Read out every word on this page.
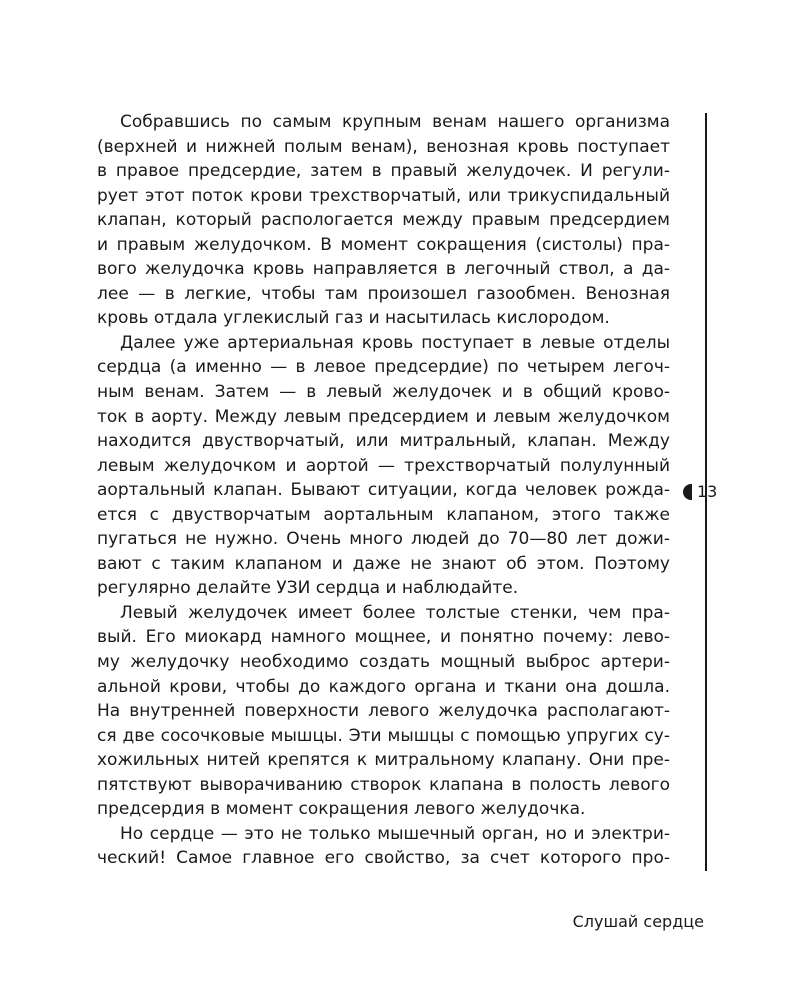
Собравшись по самым крупным венам нашего организма
(верхней и нижней полым венам), венозная кровь поступает
в правое предсердие, затем в правый желудочек. И регули-
рует этот поток крови трехстворчатый, или трикуспидальный
клапан, который распологается между правым предсердием
и правым желудочком. В момент сокращения (систолы) пра-
вого желудочка кровь направляется в легочный ствол, а да-
лее — в легкие, чтобы там произошел газообмен. Венозная
кровь отдала углекислый газ и насытилась кислородом.
Далее уже артериальная кровь поступает в левые отделы
сердца (а именно — в левое предсердие) по четырем легоч-
ным венам. Затем — в левый желудочек и в общий крово-
ток в аорту. Между левым предсердием и левым желудочком
находится двустворчатый, или митральный, клапан. Между
левым желудочком и аортой — трехстворчатый полулунный
аортальный клапан. Бывают ситуации, когда человек рожда-
ется с двустворчатым аортальным клапаном, этого также
пугаться не нужно. Очень много людей до 70—80 лет дожи-
вают с таким клапаном и даже не знают об этом. Поэтому
регулярно делайте УЗИ сердца и наблюдайте.
Левый желудочек имеет более толстые стенки, чем пра-
вый. Его миокард намного мощнее, и понятно почему: лево-
му желудочку необходимо создать мощный выброс артери-
альной крови, чтобы до каждого органа и ткани она дошла.
На внутренней поверхности левого желудочка располагают-
ся две сосочковые мышцы. Эти мышцы с помощью упругих су-
хожильных нитей крепятся к митральному клапану. Они пре-
пятствуют выворачиванию створок клапана в полость левого
предсердия в момент сокращения левого желудочка.
Но сердце — это не только мышечный орган, но и электри-
ческий! Самое главное его свойство, за счет которого про-
13
Слушай сердце
